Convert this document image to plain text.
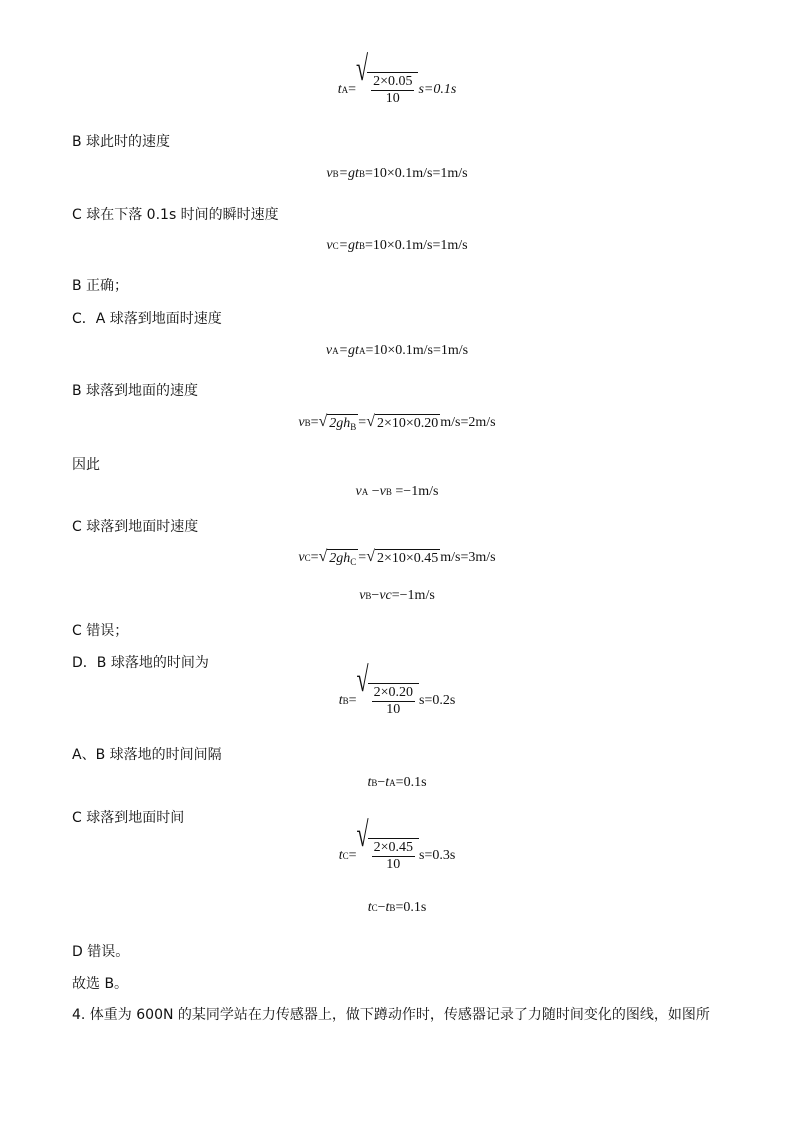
t A =
√
$\frac{2\times 0.05}{10} s=0.1s$
B 球此时的速度
v B =gt B =10×0.1m/s=1m/s
C 球在下落 0.1s 时间的瞬时速度
v C =gt B =10×0.1m/s=1m/s
B 正确；
C．A 球落到地面时速度
v A =gt A =10×0.1m/s=1m/s
B 球落到地面的速度
v B = √ $2gh_B$ = √ 2×10×0.20 m/s=2m/s
因此
v A − v B
=−1m/s
C 球落到地面时速度
v C = √ $2gh_C$ = √ 2×10×0.45 m/s=3m/s
v B − vc =−1m/s
C 错误；
D．B 球落地的时间为
t B =
√
$\frac{2\times 0.20}{10} s=0.2s$
A、B 球落地的时间间隔
t B − t A =0.1s
C 球落到地面时间
t C =
√
$\frac{2\times 0.45}{10} s=0.3s$
t C − t B =0.1s
D 错误。
故选 B。
4. 体重为 600N 的某同学站在力传感器上，做下蹲动作时，传感器记录了力随时间变化的图线，如图所
